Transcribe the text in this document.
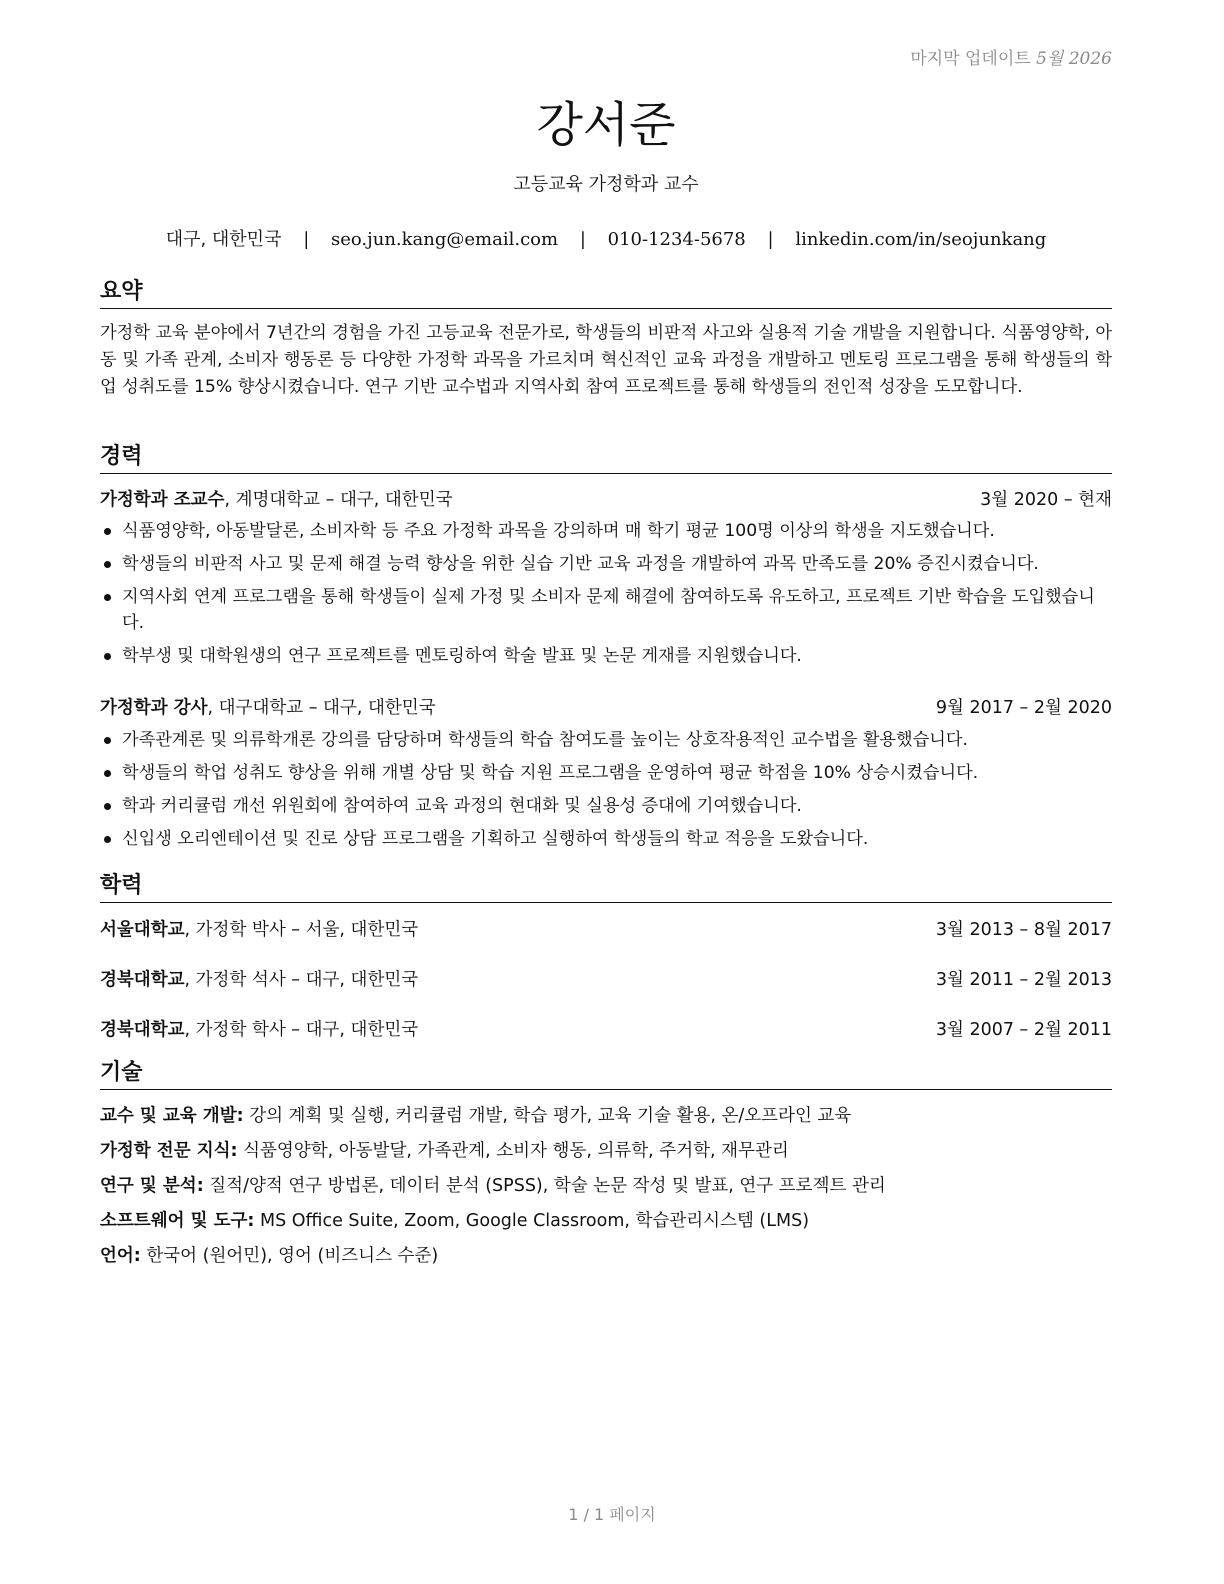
마지막 업데이트 5월 2026
강서준
고등교육 가정학과 교수
대구, 대한민국 | seo.jun.kang@email.com | 010-1234-5678 | linkedin.com/in/seojunkang
요약
가정학 교육 분야에서 7년간의 경험을 가진 고등교육 전문가로, 학생들의 비판적 사고와 실용적 기술 개발을 지원합니다. 식품영양학, 아동 및 가족 관계, 소비자 행동론 등 다양한 가정학 과목을 가르치며 혁신적인 교육 과정을 개발하고 멘토링 프로그램을 통해 학생들의 학업 성취도를 15% 향상시켰습니다. 연구 기반 교수법과 지역사회 참여 프로젝트를 통해 학생들의 전인적 성장을 도모합니다.
경력
가정학과 조교수, 계명대학교 – 대구, 대한민국	3월 2020 – 현재
식품영양학, 아동발달론, 소비자학 등 주요 가정학 과목을 강의하며 매 학기 평균 100명 이상의 학생을 지도했습니다.
학생들의 비판적 사고 및 문제 해결 능력 향상을 위한 실습 기반 교육 과정을 개발하여 과목 만족도를 20% 증진시켰습니다.
지역사회 연계 프로그램을 통해 학생들이 실제 가정 및 소비자 문제 해결에 참여하도록 유도하고, 프로젝트 기반 학습을 도입했습니다.
학부생 및 대학원생의 연구 프로젝트를 멘토링하여 학술 발표 및 논문 게재를 지원했습니다.
가정학과 강사, 대구대학교 – 대구, 대한민국	9월 2017 – 2월 2020
가족관계론 및 의류학개론 강의를 담당하며 학생들의 학습 참여도를 높이는 상호작용적인 교수법을 활용했습니다.
학생들의 학업 성취도 향상을 위해 개별 상담 및 학습 지원 프로그램을 운영하여 평균 학점을 10% 상승시켰습니다.
학과 커리큘럼 개선 위원회에 참여하여 교육 과정의 현대화 및 실용성 증대에 기여했습니다.
신입생 오리엔테이션 및 진로 상담 프로그램을 기획하고 실행하여 학생들의 학교 적응을 도왔습니다.
학력
서울대학교, 가정학 박사 – 서울, 대한민국	3월 2013 – 8월 2017
경북대학교, 가정학 석사 – 대구, 대한민국	3월 2011 – 2월 2013
경북대학교, 가정학 학사 – 대구, 대한민국	3월 2007 – 2월 2011
기술
교수 및 교육 개발: 강의 계획 및 실행, 커리큘럼 개발, 학습 평가, 교육 기술 활용, 온/오프라인 교육
가정학 전문 지식: 식품영양학, 아동발달, 가족관계, 소비자 행동, 의류학, 주거학, 재무관리
연구 및 분석: 질적/양적 연구 방법론, 데이터 분석 (SPSS), 학술 논문 작성 및 발표, 연구 프로젝트 관리
소프트웨어 및 도구: MS Office Suite, Zoom, Google Classroom, 학습관리시스템 (LMS)
언어: 한국어 (원어민), 영어 (비즈니스 수준)
1 / 1 페이지
